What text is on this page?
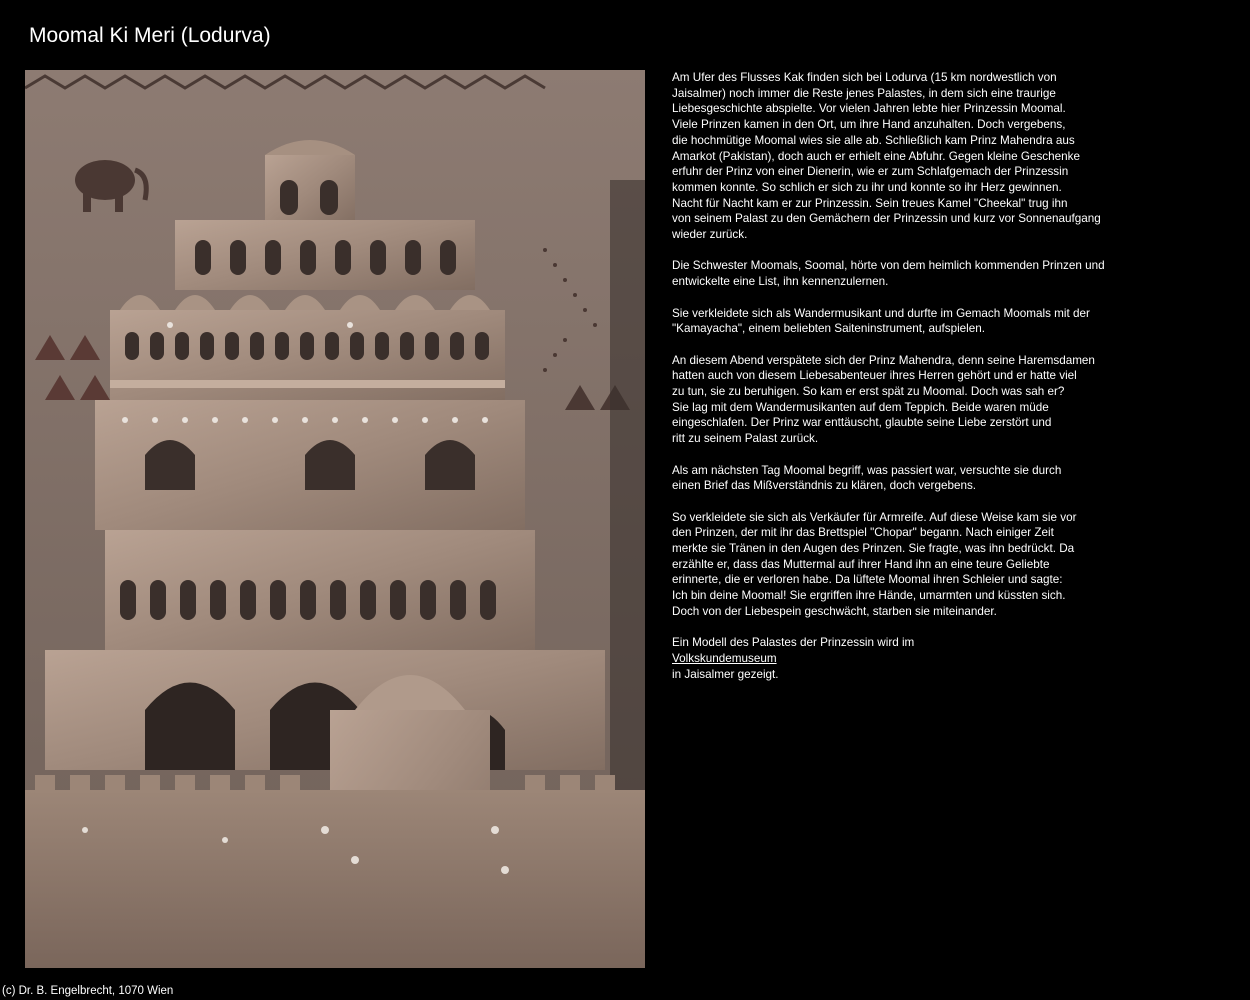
Moomal Ki Meri (Lodurva)

Am Ufer des Flusses Kak finden sich bei Lodurva (15 km nordwestlich von
Jaisalmer) noch immer die Reste jenes Palastes, in dem sich eine traurige
Liebesgeschichte abspielte. Vor vielen Jahren lebte hier Prinzessin Moomal.
Viele Prinzen kamen in den Ort, um ihre Hand anzuhalten. Doch vergebens,
die hochmütige Moomal wies sie alle ab. Schließlich kam Prinz Mahendra aus
Amarkot (Pakistan), doch auch er erhielt eine Abfuhr. Gegen kleine Geschenke
erfuhr der Prinz von einer Dienerin, wie er zum Schlafgemach der Prinzessin
kommen konnte. So schlich er sich zu ihr und konnte so ihr Herz gewinnen.
Nacht für Nacht kam er zur Prinzessin. Sein treues Kamel "Cheekal" trug ihn
von seinem Palast zu den Gemächern der Prinzessin und kurz vor Sonnenaufgang
wieder zurück.

Die Schwester Moomals, Soomal, hörte von dem heimlich kommenden Prinzen und
entwickelte eine List, ihn kennenzulernen.

Sie verkleidete sich als Wandermusikant und durfte im Gemach Moomals mit der
"Kamayacha", einem beliebten Saiteninstrument, aufspielen.

An diesem Abend verspätete sich der Prinz Mahendra, denn seine Haremsdamen
hatten auch von diesem Liebesabenteuer ihres Herren gehört und er hatte viel
zu tun, sie zu beruhigen. So kam er erst spät zu Moomal. Doch was sah er?
Sie lag mit dem Wandermusikanten auf dem Teppich. Beide waren müde
eingeschlafen. Der Prinz war enttäuscht, glaubte seine Liebe zerstört und
ritt zu seinem Palast zurück.

Als am nächsten Tag Moomal begriff, was passiert war, versuchte sie durch
einen Brief das Mißverständnis zu klären, doch vergebens.

So verkleidete sie sich als Verkäufer für Armreife. Auf diese Weise kam sie vor
den Prinzen, der mit ihr das Brettspiel "Chopar" begann. Nach einiger Zeit
merkte sie Tränen in den Augen des Prinzen. Sie fragte, was ihn bedrückt. Da
erzählte er, dass das Muttermal auf ihrer Hand ihn an eine teure Geliebte
erinnerte, die er verloren habe. Da lüftete Moomal ihren Schleier und sagte:
Ich bin deine Moomal! Sie ergriffen ihre Hände, umarmten und küssten sich.
Doch von der Liebespein geschwächt, starben sie miteinander.

Ein Modell des Palastes der Prinzessin wird im
Volkskundemuseum
in Jaisalmer gezeigt.
(c) Dr. B. Engelbrecht, 1070 Wien
